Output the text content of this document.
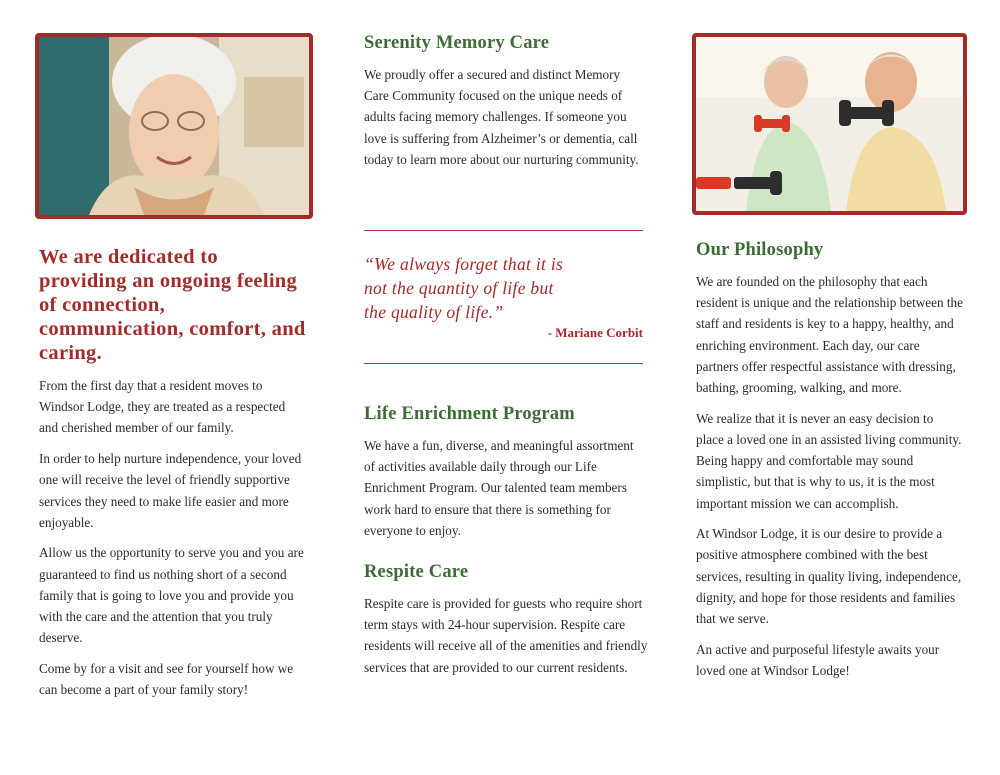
We are dedicated to providing an ongoing feeling of connection, communication, comfort, and caring.

From the first day that a resident moves to Windsor Lodge, they are treated as a respected and cherished member of our family.

In order to help nurture independence, your loved one will receive the level of friendly supportive services they need to make life easier and more enjoyable.

Allow us the opportunity to serve you and you are guaranteed to find us nothing short of a second family that is going to love you and provide you with the care and the attention that you truly deserve.

Come by for a visit and see for yourself how we can become a part of your family story!

Serenity Memory Care

We proudly offer a secured and distinct Memory Care Community focused on the unique needs of adults facing memory challenges. If someone you love is suffering from Alzheimer’s or dementia, call today to learn more about our nurturing community.

“We always forget that it is

not the quantity of life but

the quality of life.”

- Mariane Corbit
Life Enrichment Program

We have a fun, diverse, and meaningful assortment of activities available daily through our Life Enrichment Program. Our talented team members work hard to ensure that there is something for everyone to enjoy.

Respite Care

Respite care is provided for guests who require short term stays with 24-hour supervision. Respite care residents will receive all of the amenities and friendly services that are provided to our current residents.

Our Philosophy

We are founded on the philosophy that each resident is unique and the relationship between the staff and residents is key to a happy, healthy, and enriching environment. Each day, our care partners offer respectful assistance with dressing, bathing, grooming, walking, and more.

We realize that it is never an easy decision to place a loved one in an assisted living community. Being happy and comfortable may sound simplistic, but that is why to us, it is the most important mission we can accomplish.

At Windsor Lodge, it is our desire to provide a positive atmosphere combined with the best services, resulting in quality living, independence, dignity, and hope for those residents and families that we serve.

An active and purposeful lifestyle awaits your loved one at Windsor Lodge!
